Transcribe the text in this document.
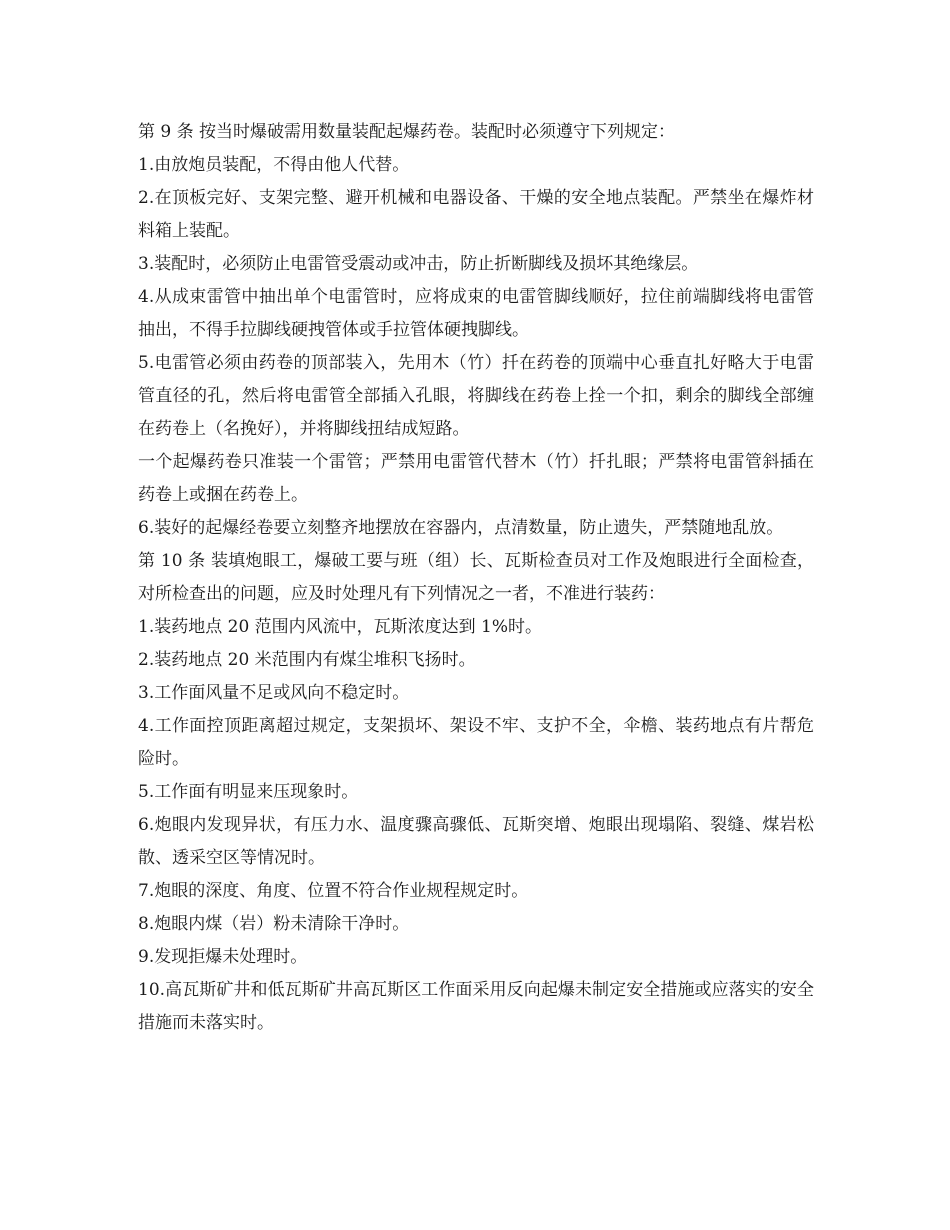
第 9 条 按当时爆破需用数量装配起爆药卷。装配时必须遵守下列规定：

1.由放炮员装配，不得由他人代替。

2.在顶板完好、支架完整、避开机械和电器设备、干燥的安全地点装配。严禁坐在爆炸材料箱上装配。

3.装配时，必须防止电雷管受震动或冲击，防止折断脚线及损坏其绝缘层。

4.从成束雷管中抽出单个电雷管时，应将成束的电雷管脚线顺好，拉住前端脚线将电雷管抽出，不得手拉脚线硬拽管体或手拉管体硬拽脚线。

5.电雷管必须由药卷的顶部装入，先用木（竹）扦在药卷的顶端中心垂直扎好略大于电雷管直径的孔，然后将电雷管全部插入孔眼，将脚线在药卷上拴一个扣，剩余的脚线全部缠在药卷上（名挽好），并将脚线扭结成短路。

一个起爆药卷只准装一个雷管；严禁用电雷管代替木（竹）扦扎眼；严禁将电雷管斜插在药卷上或捆在药卷上。

6.装好的起爆经卷要立刻整齐地摆放在容器内，点清数量，防止遗失，严禁随地乱放。

第 10 条 装填炮眼工，爆破工要与班（组）长、瓦斯检查员对工作及炮眼进行全面检查，对所检查出的问题，应及时处理凡有下列情况之一者，不准进行装药：

1.装药地点 20 范围内风流中，瓦斯浓度达到 1%时。

2.装药地点 20 米范围内有煤尘堆积飞扬时。

3.工作面风量不足或风向不稳定时。

4.工作面控顶距离超过规定，支架损坏、架设不牢、支护不全，伞檐、装药地点有片帮危险时。

5.工作面有明显来压现象时。

6.炮眼内发现异状，有压力水、温度骤高骤低、瓦斯突增、炮眼出现塌陷、裂缝、煤岩松散、透采空区等情况时。

7.炮眼的深度、角度、位置不符合作业规程规定时。

8.炮眼内煤（岩）粉未清除干净时。

9.发现拒爆未处理时。

10.高瓦斯矿井和低瓦斯矿井高瓦斯区工作面采用反向起爆未制定安全措施或应落实的安全措施而未落实时。
